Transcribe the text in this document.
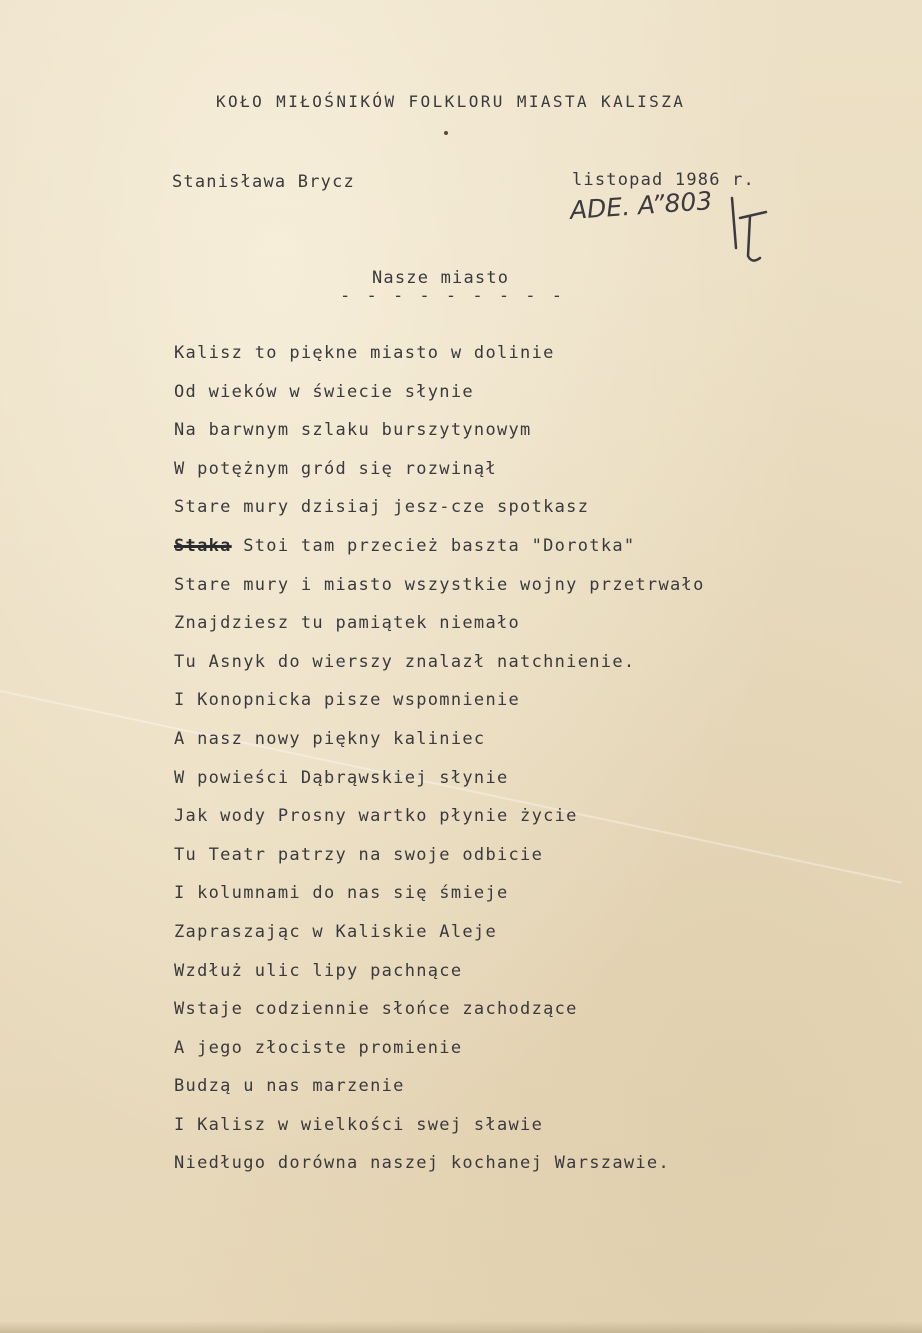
KOŁO MIŁOŚNIKÓW FOLKLORU MIASTA KALISZA
Stanisława Brycz	listopad 1986 r.
ADE. A”803
Nasze miasto
- - - - - - - - -
Kalisz to piękne miasto w dolinie
Od wieków w świecie słynie
Na barwnym szlaku burszytynowym
W potężnym gród się rozwinął
Stare mury dzisiaj jesz-cze spotkasz
Staka Stoi tam przecież baszta "Dorotka"
Stare mury i miasto wszystkie wojny przetrwało
Znajdziesz tu pamiątek niemało
Tu Asnyk do wierszy znalazł natchnienie.
I Konopnicka pisze wspomnienie
A nasz nowy piękny kaliniec
W powieści Dąbrąwskiej słynie
Jak wody Prosny wartko płynie życie
Tu Teatr patrzy na swoje odbicie
I kolumnami do nas się śmieje
Zapraszając w Kaliskie Aleje
Wzdłuż ulic lipy pachnące
Wstaje codziennie słońce zachodzące
A jego złociste promienie
Budzą u nas marzenie
I Kalisz w wielkości swej sławie
Niedługo dorówna naszej kochanej Warszawie.
